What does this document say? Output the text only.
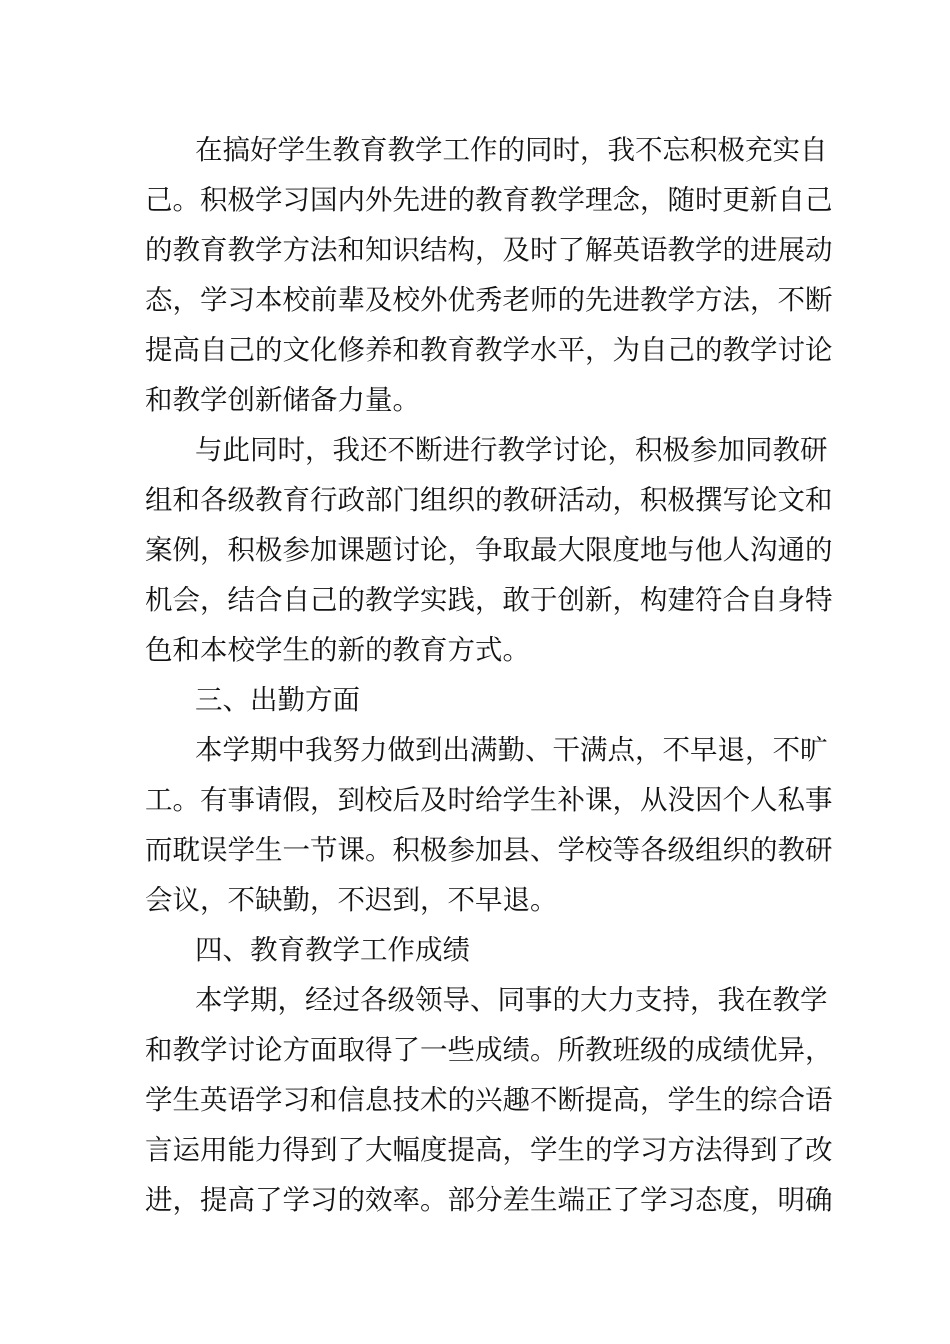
在搞好学生教育教学工作的同时，我不忘积极充实自
己。积极学习国内外先进的教育教学理念，随时更新自己
的教育教学方法和知识结构，及时了解英语教学的进展动
态，学习本校前辈及校外优秀老师的先进教学方法，不断
提高自己的文化修养和教育教学水平，为自己的教学讨论
和教学创新储备力量。
与此同时，我还不断进行教学讨论，积极参加同教研
组和各级教育行政部门组织的教研活动，积极撰写论文和
案例，积极参加课题讨论，争取最大限度地与他人沟通的
机会，结合自己的教学实践，敢于创新，构建符合自身特
色和本校学生的新的教育方式。
三、出勤方面
本学期中我努力做到出满勤、干满点，不早退，不旷
工。有事请假，到校后及时给学生补课，从没因个人私事
而耽误学生一节课。积极参加县、学校等各级组织的教研
会议，不缺勤，不迟到，不早退。
四、教育教学工作成绩
本学期，经过各级领导、同事的大力支持，我在教学
和教学讨论方面取得了一些成绩。所教班级的成绩优异，
学生英语学习和信息技术的兴趣不断提高，学生的综合语
言运用能力得到了大幅度提高，学生的学习方法得到了改
进，提高了学习的效率。部分差生端正了学习态度，明确
